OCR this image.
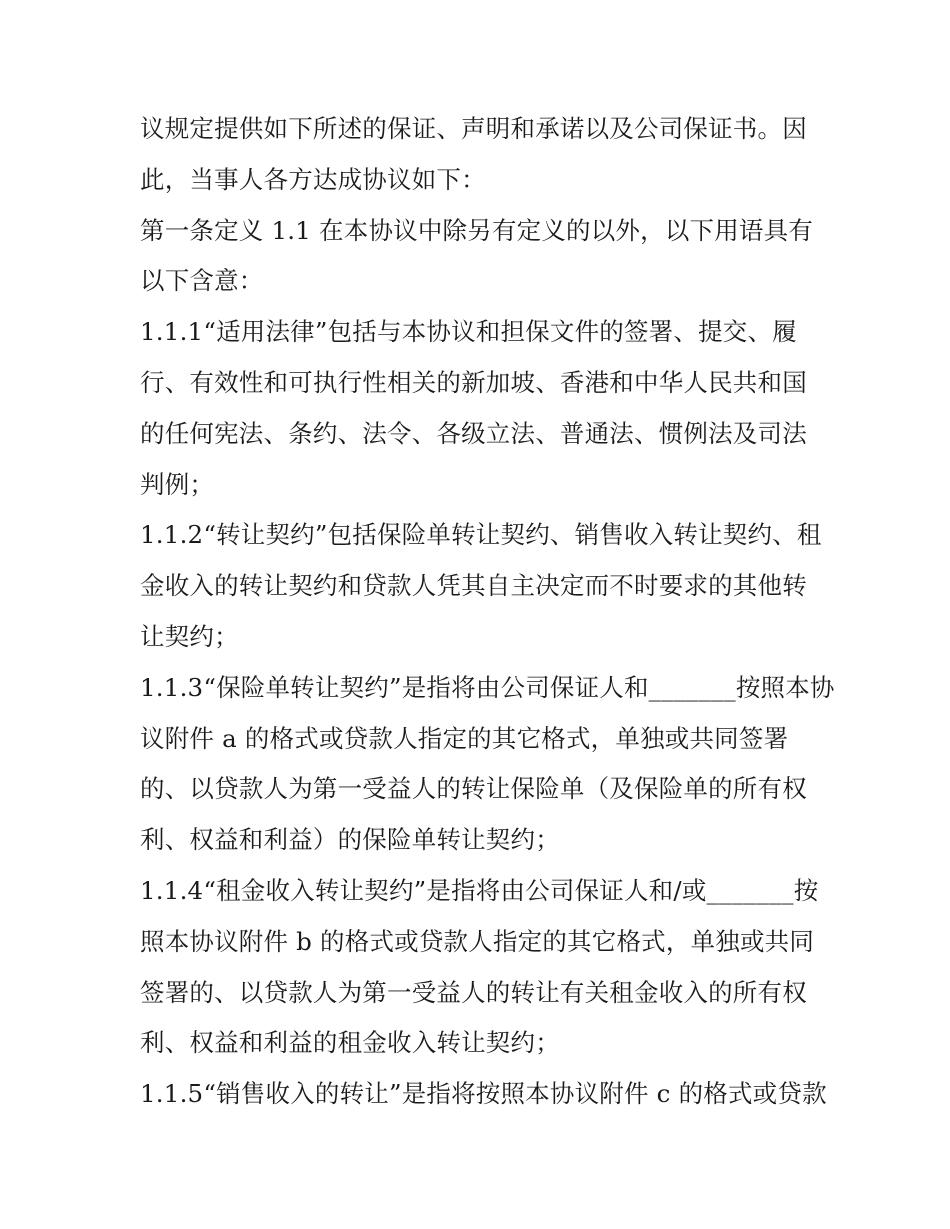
议规定提供如下所述的保证、声明和承诺以及公司保证书。因
此，当事人各方达成协议如下：
第一条定义 1.1 在本协议中除另有定义的以外，以下用语具有
以下含意：
1.1.1“适用法律”包括与本协议和担保文件的签署、提交、履
行、有效性和可执行性相关的新加坡、香港和中华人民共和国
的任何宪法、条约、法令、各级立法、普通法、惯例法及司法
判例；
1.1.2“转让契约”包括保险单转让契约、销售收入转让契约、租
金收入的转让契约和贷款人凭其自主决定而不时要求的其他转
让契约；
1.1.3“保险单转让契约”是指将由公司保证人和_______按照本协
议附件 a 的格式或贷款人指定的其它格式，单独或共同签署
的、以贷款人为第一受益人的转让保险单（及保险单的所有权
利、权益和利益）的保险单转让契约；
1.1.4“租金收入转让契约”是指将由公司保证人和/或_______按
照本协议附件 b 的格式或贷款人指定的其它格式，单独或共同
签署的、以贷款人为第一受益人的转让有关租金收入的所有权
利、权益和利益的租金收入转让契约；
1.1.5“销售收入的转让”是指将按照本协议附件 c 的格式或贷款
